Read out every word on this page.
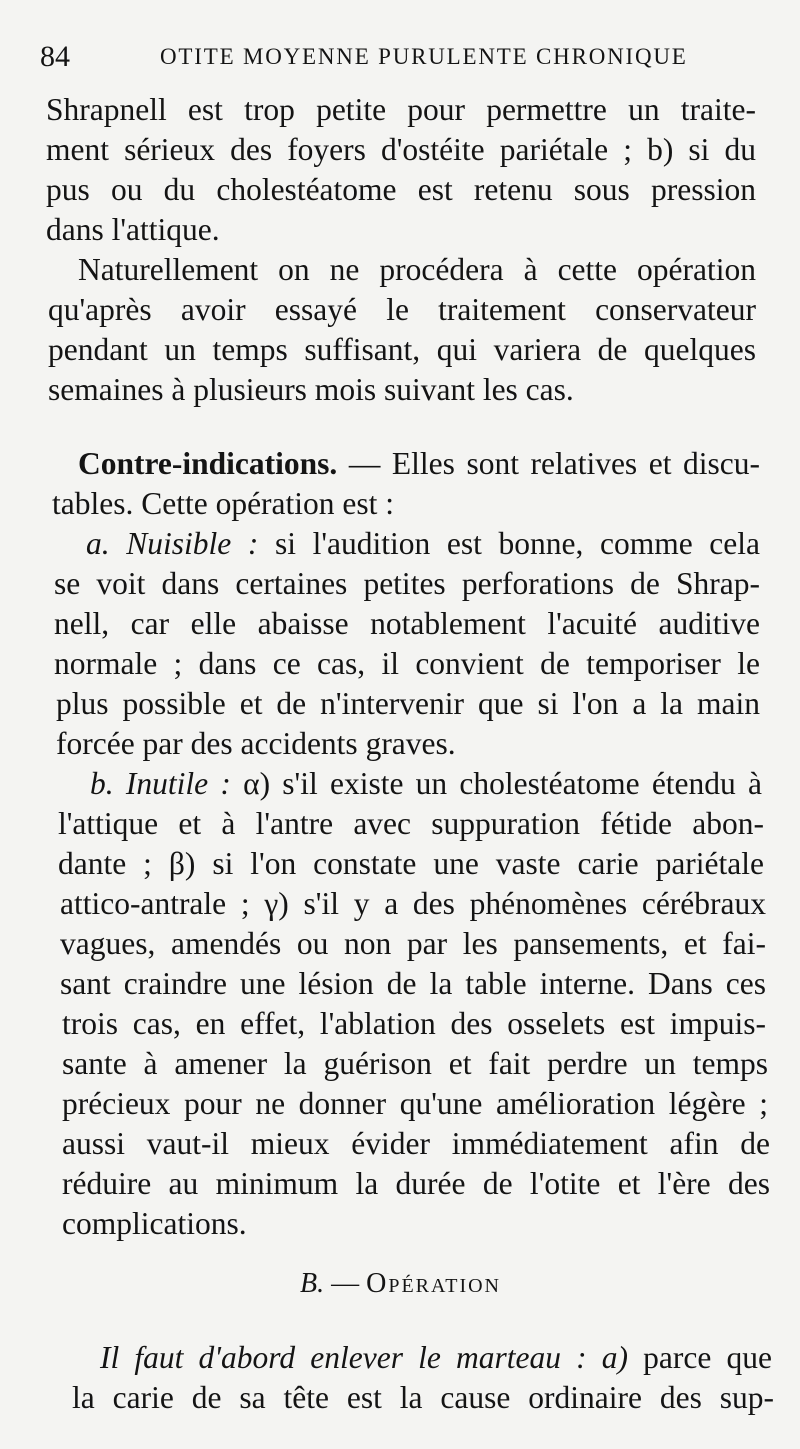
84	OTITE MOYENNE PURULENTE CHRONIQUE
Shrapnell est trop petite pour permettre un traite-
ment sérieux des foyers d'ostéite pariétale ; b) si du
pus ou du cholestéatome est retenu sous pression
dans l'attique.
Naturellement on ne procédera à cette opération
qu'après avoir essayé le traitement conservateur
pendant un temps suffisant, qui variera de quelques
semaines à plusieurs mois suivant les cas.
Contre-indications. — Elles sont relatives et discu-
tables. Cette opération est :
a. Nuisible : si l'audition est bonne, comme cela
se voit dans certaines petites perforations de Shrap-
nell, car elle abaisse notablement l'acuité auditive
normale ; dans ce cas, il convient de temporiser le
plus possible et de n'intervenir que si l'on a la main
forcée par des accidents graves.
b. Inutile : α) s'il existe un cholestéatome étendu à
l'attique et à l'antre avec suppuration fétide abon-
dante ; β) si l'on constate une vaste carie pariétale
attico-antrale ; γ) s'il y a des phénomènes cérébraux
vagues, amendés ou non par les pansements, et fai-
sant craindre une lésion de la table interne. Dans ces
trois cas, en effet, l'ablation des osselets est impuis-
sante à amener la guérison et fait perdre un temps
précieux pour ne donner qu'une amélioration légère ;
aussi vaut-il mieux évider immédiatement afin de
réduire au minimum la durée de l'otite et l'ère des
complications.
B. — Opération
Il faut d'abord enlever le marteau : a) parce que
la carie de sa tête est la cause ordinaire des sup-
